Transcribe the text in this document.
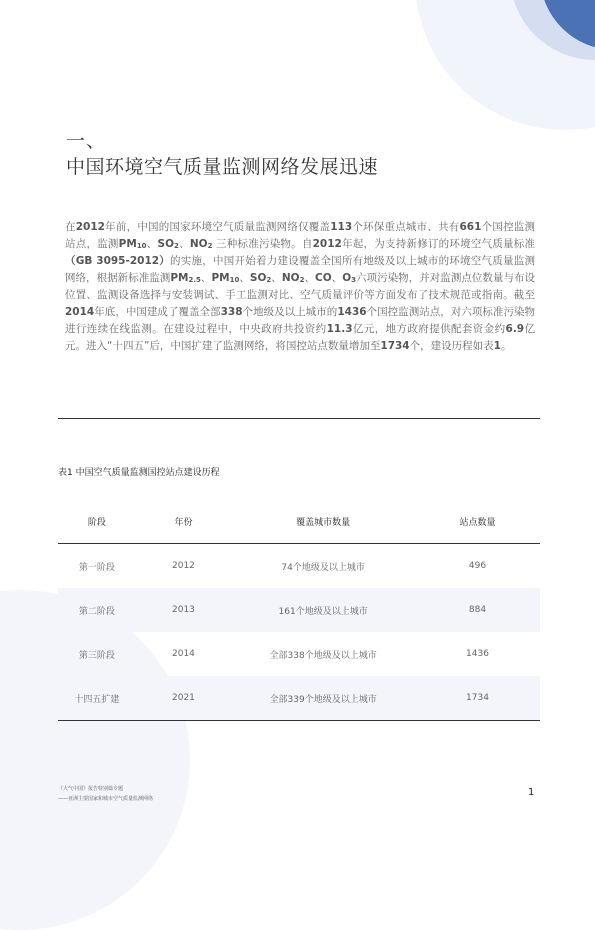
一、
中国环境空气质量监测网络发展迅速
在2012年前，中国的国家环境空气质量监测网络仅覆盖113个环保重点城市、共有661个国控监测站点，监测$PM_{10}$、$SO_2$、$NO_2$ 三种标准污染物。自2012年起，为支持新修订的环境空气质量标准（GB 3095-2012）的实施，中国开始着力建设覆盖全国所有地级及以上城市的环境空气质量监测网络，根据新标准监测$PM_{2.5}$、$PM_{10}$、$SO_2$、$NO_2$、CO、$O_3$六项污染物，并对监测点位数量与布设位置、监测设备选择与安装调试、手工监测对比、空气质量评价等方面发布了技术规范或指南。截至2014年底，中国建成了覆盖全部338个地级及以上城市的1436个国控监测站点，对六项标准污染物进行连续在线监测。在建设过程中，中央政府共投资约11.3亿元，地方政府提供配套资金约6.9亿元。进入“十四五”后，中国扩建了监测网络，将国控站点数量增加至1734个，建设历程如表1。
表1 中国空气质量监测国控站点建设历程
阶段	年份	覆盖城市数量	站点数量
第一阶段	2012	74个地级及以上城市	496
第二阶段	2013	161个地级及以上城市	884
第三阶段	2014	全部338个地级及以上城市	1436
十四五扩建	2021	全部339个地级及以上城市	1734
《大气中国》报告特别篇专题
——亚洲主要国家和城市空气质量监测网络
1
